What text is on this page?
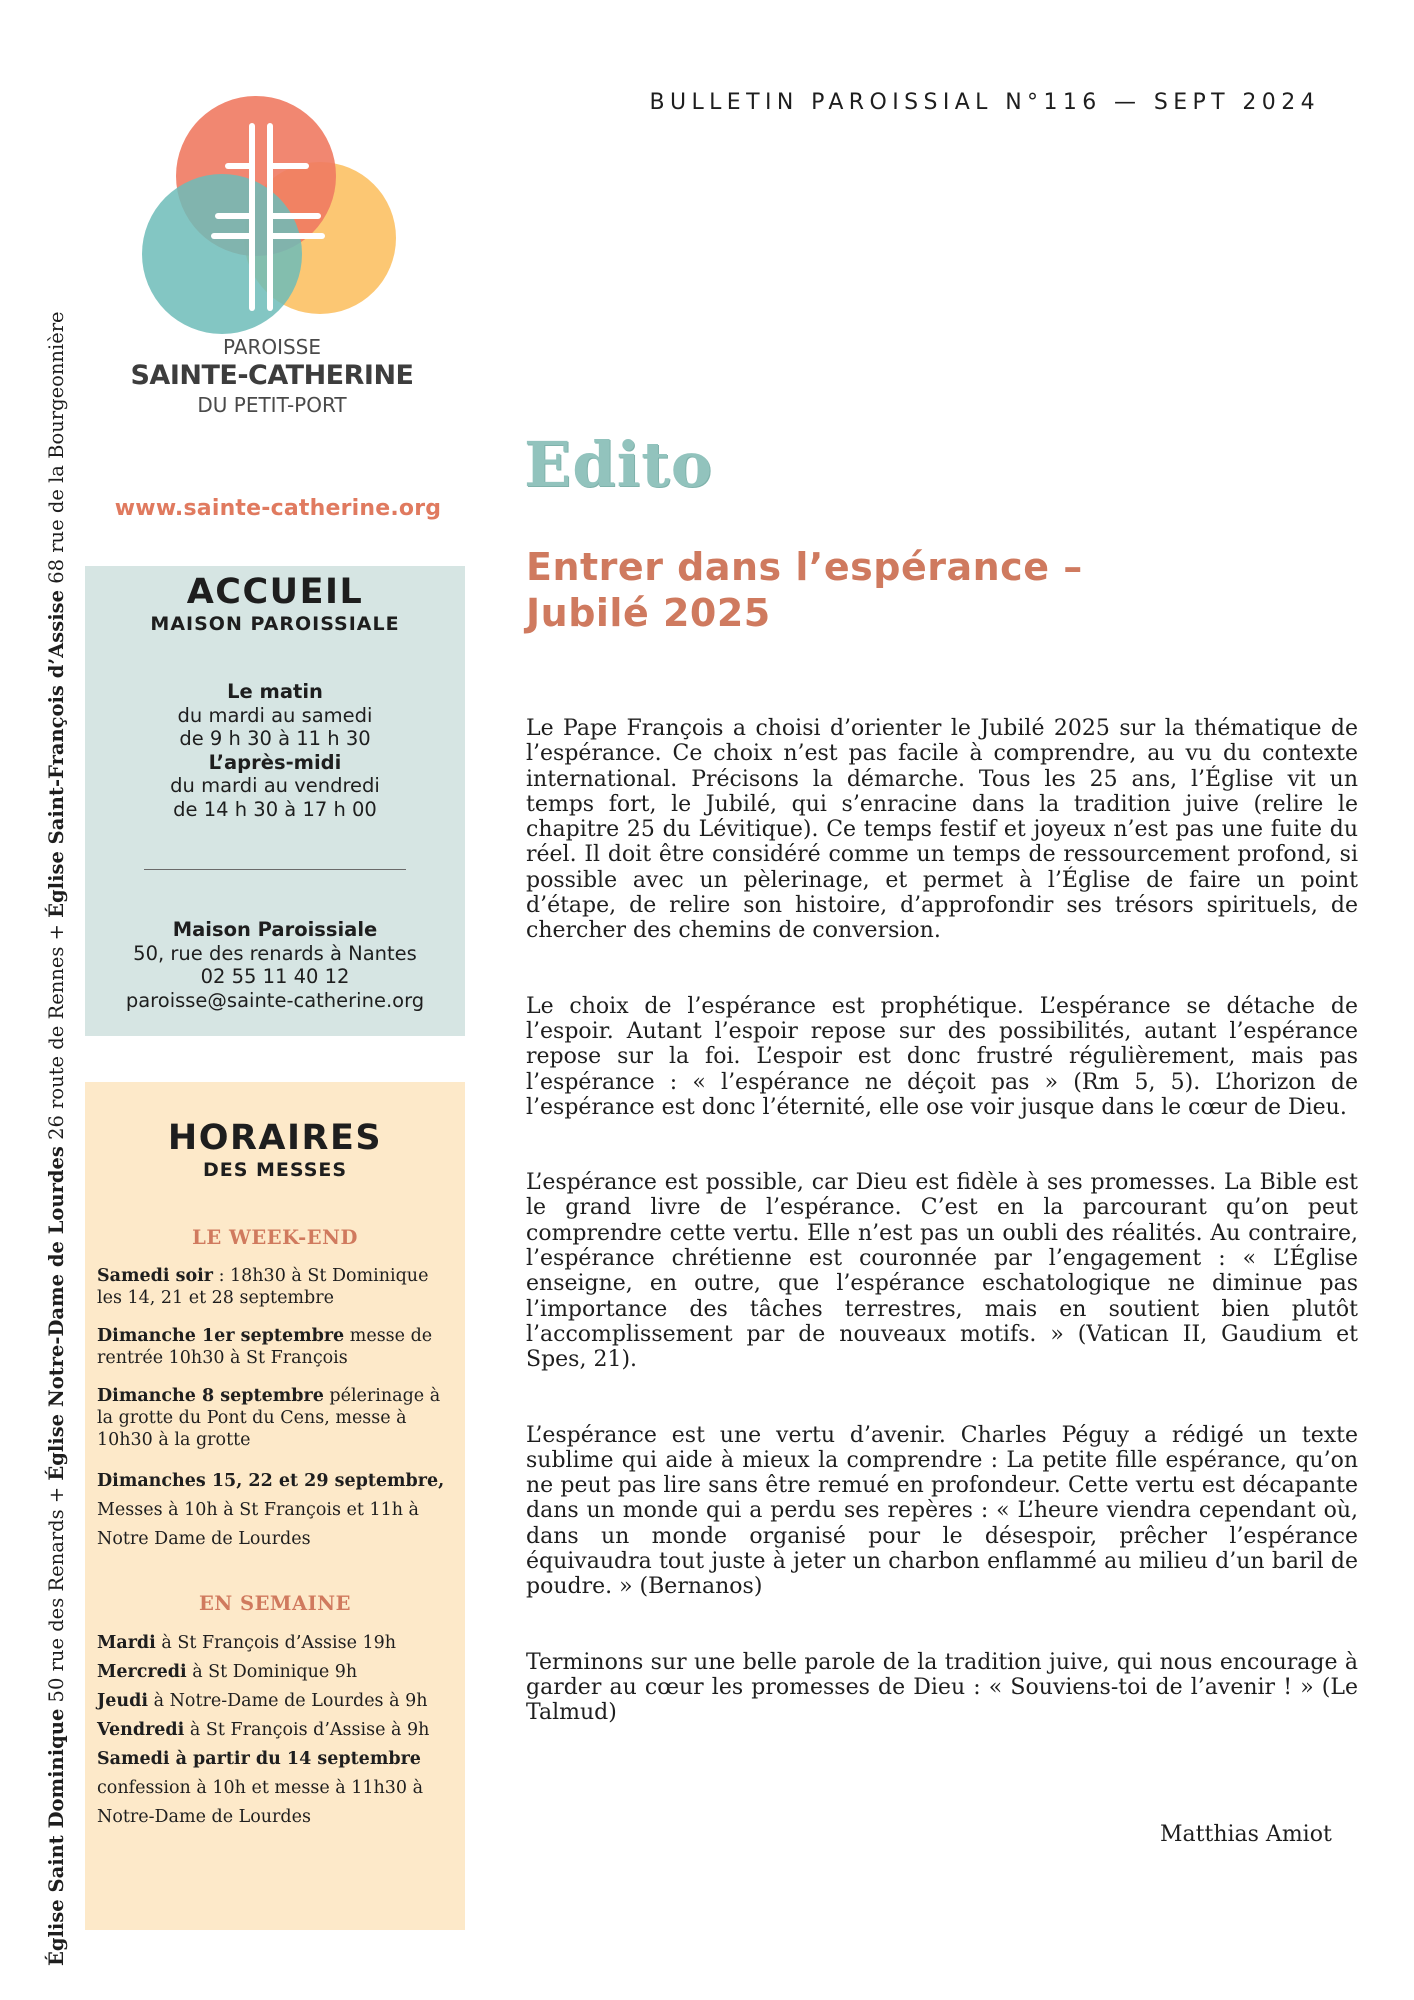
BULLETIN PAROISSIAL N°116 — SEPT 2024
Église Saint Dominique 50 rue des Renards + Église Notre-Dame de Lourdes 26 route de Rennes + Église Saint-François d’Assise 68 rue de la Bourgeonnière	PAROISSE
SAINTE-CATHERINE
DU PETIT-PORT
www.sainte-catherine.org
ACCUEIL
MAISON PAROISSIALE
Le matin
du mardi au samedi
de 9 h 30 à 11 h 30
L’après-midi
du mardi au vendredi
de 14 h 30 à 17 h 00
Maison Paroissiale
50, rue des renards à Nantes
02 55 11 40 12
paroisse@sainte-catherine.org
HORAIRES
DES MESSES
LE WEEK-END
Samedi soir : 18h30 à St Dominique les 14, 21 et 28 septembre
Dimanche 1er septembre messe de rentrée 10h30 à St François
Dimanche 8 septembre pélerinage à la grotte du Pont du Cens, messe à 10h30 à la grotte
Dimanches 15, 22 et 29 septembre, Messes à 10h à St François et 11h à Notre Dame de Lourdes
EN SEMAINE
Mardi à St François d’Assise 19h
Mercredi à St Dominique 9h
Jeudi à Notre-Dame de Lourdes à 9h
Vendredi à St François d’Assise à 9h
Samedi à partir du 14 septembre confession à 10h et messe à 11h30 à Notre-Dame de Lourdes
Edito
Entrer dans l’espérance –
Jubilé 2025

Le Pape François a choisi d’orienter le Jubilé 2025 sur la thématique de l’espérance. Ce choix n’est pas facile à comprendre, au vu du contexte international. Précisons la démarche. Tous les 25 ans, l’Église vit un temps fort, le Jubilé, qui s’enracine dans la tradition juive (relire le chapitre 25 du Lévitique). Ce temps festif et joyeux n’est pas une fuite du réel. Il doit être considéré comme un temps de ressourcement profond, si possible avec un pèlerinage, et permet à l’Église de faire un point d’étape, de relire son histoire, d’approfondir ses trésors spirituels, de chercher des chemins de conversion.

Le choix de l’espérance est prophétique. L’espérance se détache de l’espoir. Autant l’espoir repose sur des possibilités, autant l’espérance repose sur la foi. L’espoir est donc frustré régulièrement, mais pas l’espérance : « l’espérance ne déçoit pas » (Rm 5, 5). L’horizon de l’espérance est donc l’éternité, elle ose voir jusque dans le cœur de Dieu.

L’espérance est possible, car Dieu est fidèle à ses promesses. La Bible est le grand livre de l’espérance. C’est en la parcourant qu’on peut comprendre cette vertu. Elle n’est pas un oubli des réalités. Au contraire, l’espérance chrétienne est couronnée par l’engagement : « L’Église enseigne, en outre, que l’espérance eschatologique ne diminue pas l’importance des tâches terrestres, mais en soutient bien plutôt l’accomplissement par de nouveaux motifs. » (Vatican II, Gaudium et Spes, 21).

L’espérance est une vertu d’avenir. Charles Péguy a rédigé un texte sublime qui aide à mieux la comprendre : La petite fille espérance, qu’on ne peut pas lire sans être remué en profondeur. Cette vertu est décapante dans un monde qui a perdu ses repères : « L’heure viendra cependant où, dans un monde organisé pour le désespoir, prêcher l’espérance équivaudra tout juste à jeter un charbon enflammé au milieu d’un baril de poudre. » (Bernanos)

Terminons sur une belle parole de la tradition juive, qui nous encourage à garder au cœur les promesses de Dieu : « Souviens-toi de l’avenir ! » (Le Talmud)

Matthias Amiot
